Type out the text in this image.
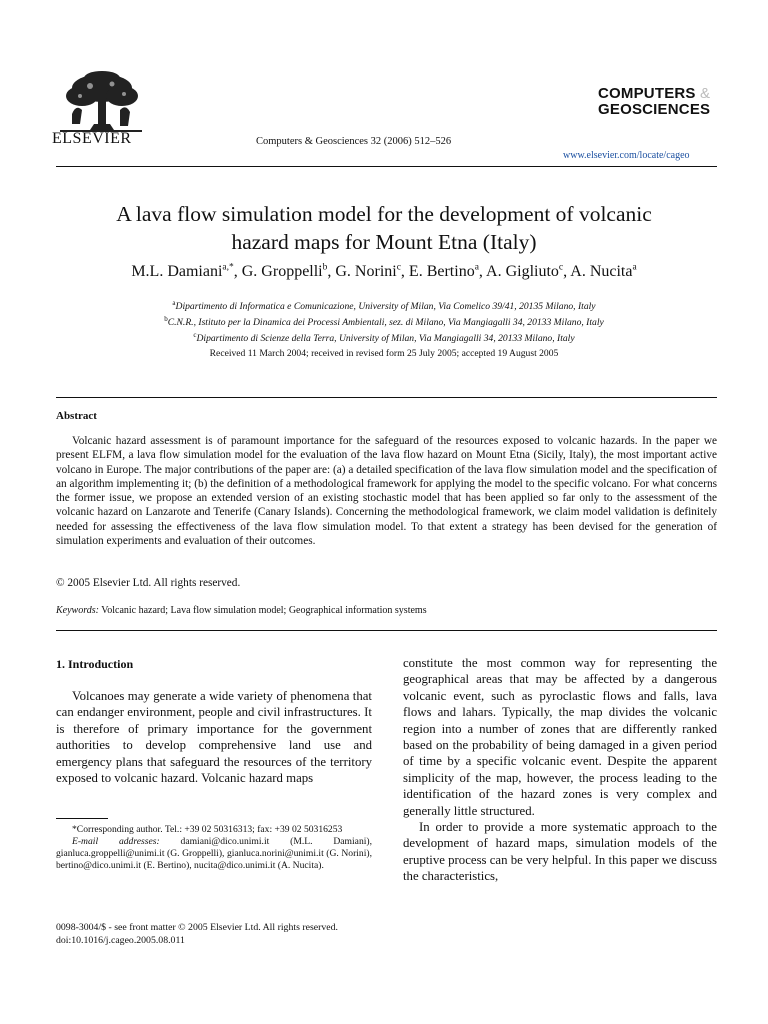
ELSEVIER	Computers & Geosciences 32 (2006) 512–526
COMPUTERS &
GEOSCIENCES
www.elsevier.com/locate/cageo
A lava flow simulation model for the development of volcanic
hazard maps for Mount Etna (Italy)
M.L. Damiani$^{a,*}$, G. Groppelli$^b$, G. Norini$^c$, E. Bertino$^a$, A. Gigliuto$^c$, A. Nucita$^a$
$^a$Dipartimento di Informatica e Comunicazione, University of Milan, Via Comelico 39/41, 20135 Milano, Italy
$^b$C.N.R., Istituto per la Dinamica dei Processi Ambientali, sez. di Milano, Via Mangiagalli 34, 20133 Milano, Italy
$^c$Dipartimento di Scienze della Terra, University of Milan, Via Mangiagalli 34, 20133 Milano, Italy
Received 11 March 2004; received in revised form 25 July 2005; accepted 19 August 2005
Abstract
Volcanic hazard assessment is of paramount importance for the safeguard of the resources exposed to volcanic hazards. In the paper we present ELFM, a lava flow simulation model for the evaluation of the lava flow hazard on Mount Etna (Sicily, Italy), the most important active volcano in Europe. The major contributions of the paper are: (a) a detailed specification of the lava flow simulation model and the specification of an algorithm implementing it; (b) the definition of a methodological framework for applying the model to the specific volcano. For what concerns the former issue, we propose an extended version of an existing stochastic model that has been applied so far only to the assessment of the volcanic hazard on Lanzarote and Tenerife (Canary Islands). Concerning the methodological framework, we claim model validation is definitely needed for assessing the effectiveness of the lava flow simulation model. To that extent a strategy has been devised for the generation of simulation experiments and evaluation of their outcomes.
© 2005 Elsevier Ltd. All rights reserved.
Keywords: Volcanic hazard; Lava flow simulation model; Geographical information systems
1. Introduction

Volcanoes may generate a wide variety of phenomena that can endanger environment, people and civil infrastructures. It is therefore of primary importance for the government authorities to develop comprehensive land use and emergency plans that safeguard the resources of the territory exposed to volcanic hazard. Volcanic hazard maps

constitute the most common way for representing the geographical areas that may be affected by a dangerous volcanic event, such as pyroclastic flows and falls, lava flows and lahars. Typically, the map divides the volcanic region into a number of zones that are differently ranked based on the probability of being damaged in a given period of time by a specific volcanic event. Despite the apparent simplicity of the map, however, the process leading to the identification of the hazard zones is very complex and generally little structured.

In order to provide a more systematic approach to the development of hazard maps, simulation models of the eruptive process can be very helpful. In this paper we discuss the characteristics,

*Corresponding author. Tel.: +39 02 50316313; fax: +39 02 50316253

E-mail addresses: damiani@dico.unimi.it (M.L. Damiani), gianluca.groppelli@unimi.it (G. Groppelli), gianluca.norini@unimi.it (G. Norini), bertino@dico.unimi.it (E. Bertino), nucita@dico.unimi.it (A. Nucita).

0098-3004/$ - see front matter © 2005 Elsevier Ltd. All rights reserved.
doi:10.1016/j.cageo.2005.08.011
